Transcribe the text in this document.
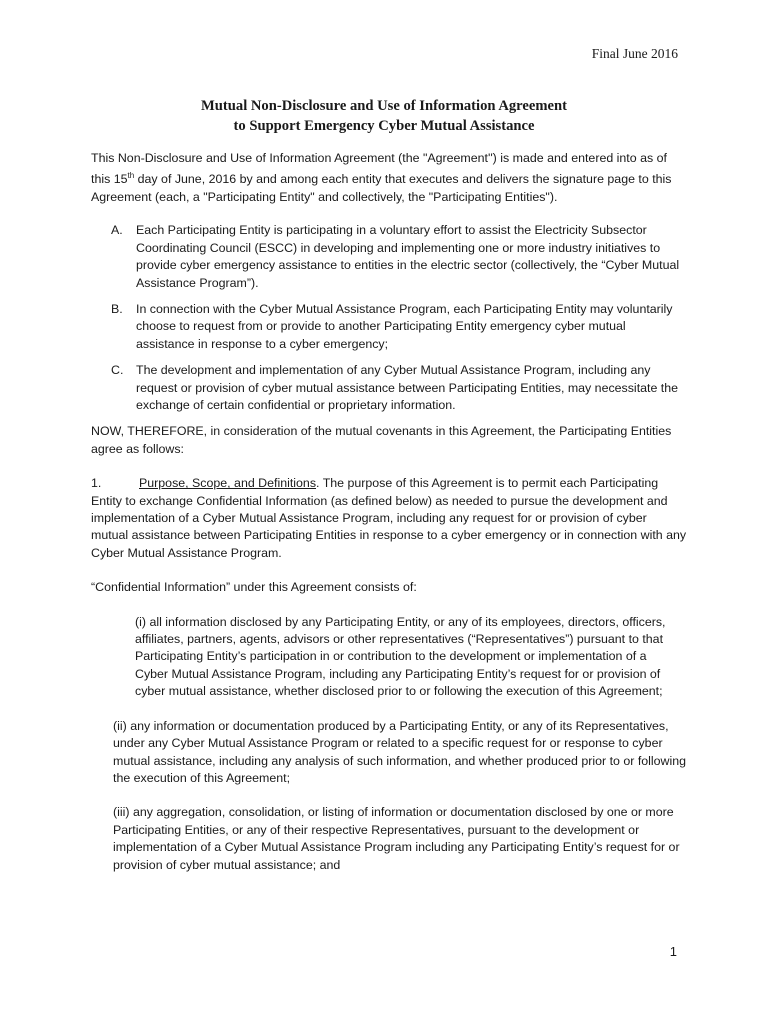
Final June 2016
Mutual Non-Disclosure and Use of Information Agreement
to Support Emergency Cyber Mutual Assistance

This Non-Disclosure and Use of Information Agreement (the "Agreement'') is made and entered into as of this 15th day of June, 2016 by and among each entity that executes and delivers the signature page to this Agreement (each, a "Participating Entity" and collectively, the "Participating Entities").

A. Each Participating Entity is participating in a voluntary effort to assist the Electricity Subsector Coordinating Council (ESCC) in developing and implementing one or more industry initiatives to provide cyber emergency assistance to entities in the electric sector (collectively, the “Cyber Mutual Assistance Program”).
B. In connection with the Cyber Mutual Assistance Program, each Participating Entity may voluntarily choose to request from or provide to another Participating Entity emergency cyber mutual assistance in response to a cyber emergency;
C. The development and implementation of any Cyber Mutual Assistance Program, including any request or provision of cyber mutual assistance between Participating Entities, may necessitate the exchange of certain confidential or proprietary information.

NOW, THEREFORE, in consideration of the mutual covenants in this Agreement, the Participating Entities agree as follows:

1.	Purpose, Scope, and Definitions. The purpose of this Agreement is to permit each Participating Entity to exchange Confidential Information (as defined below) as needed to pursue the development and implementation of a Cyber Mutual Assistance Program, including any request for or provision of cyber mutual assistance between Participating Entities in response to a cyber emergency or in connection with any Cyber Mutual Assistance Program.

“Confidential Information” under this Agreement consists of:

(i) all information disclosed by any Participating Entity, or any of its employees, directors, officers, affiliates, partners, agents, advisors or other representatives (“Representatives”) pursuant to that Participating Entity’s participation in or contribution to the development or implementation of a Cyber Mutual Assistance Program, including any Participating Entity’s request for or provision of cyber mutual assistance, whether disclosed prior to or following the execution of this Agreement;

(ii) any information or documentation produced by a Participating Entity, or any of its Representatives, under any Cyber Mutual Assistance Program or related to a specific request for or response to cyber mutual assistance, including any analysis of such information, and whether produced prior to or following the execution of this Agreement;

(iii) any aggregation, consolidation, or listing of information or documentation disclosed by one or more Participating Entities, or any of their respective Representatives, pursuant to the development or implementation of a Cyber Mutual Assistance Program including any Participating Entity’s request for or provision of cyber mutual assistance; and

1
